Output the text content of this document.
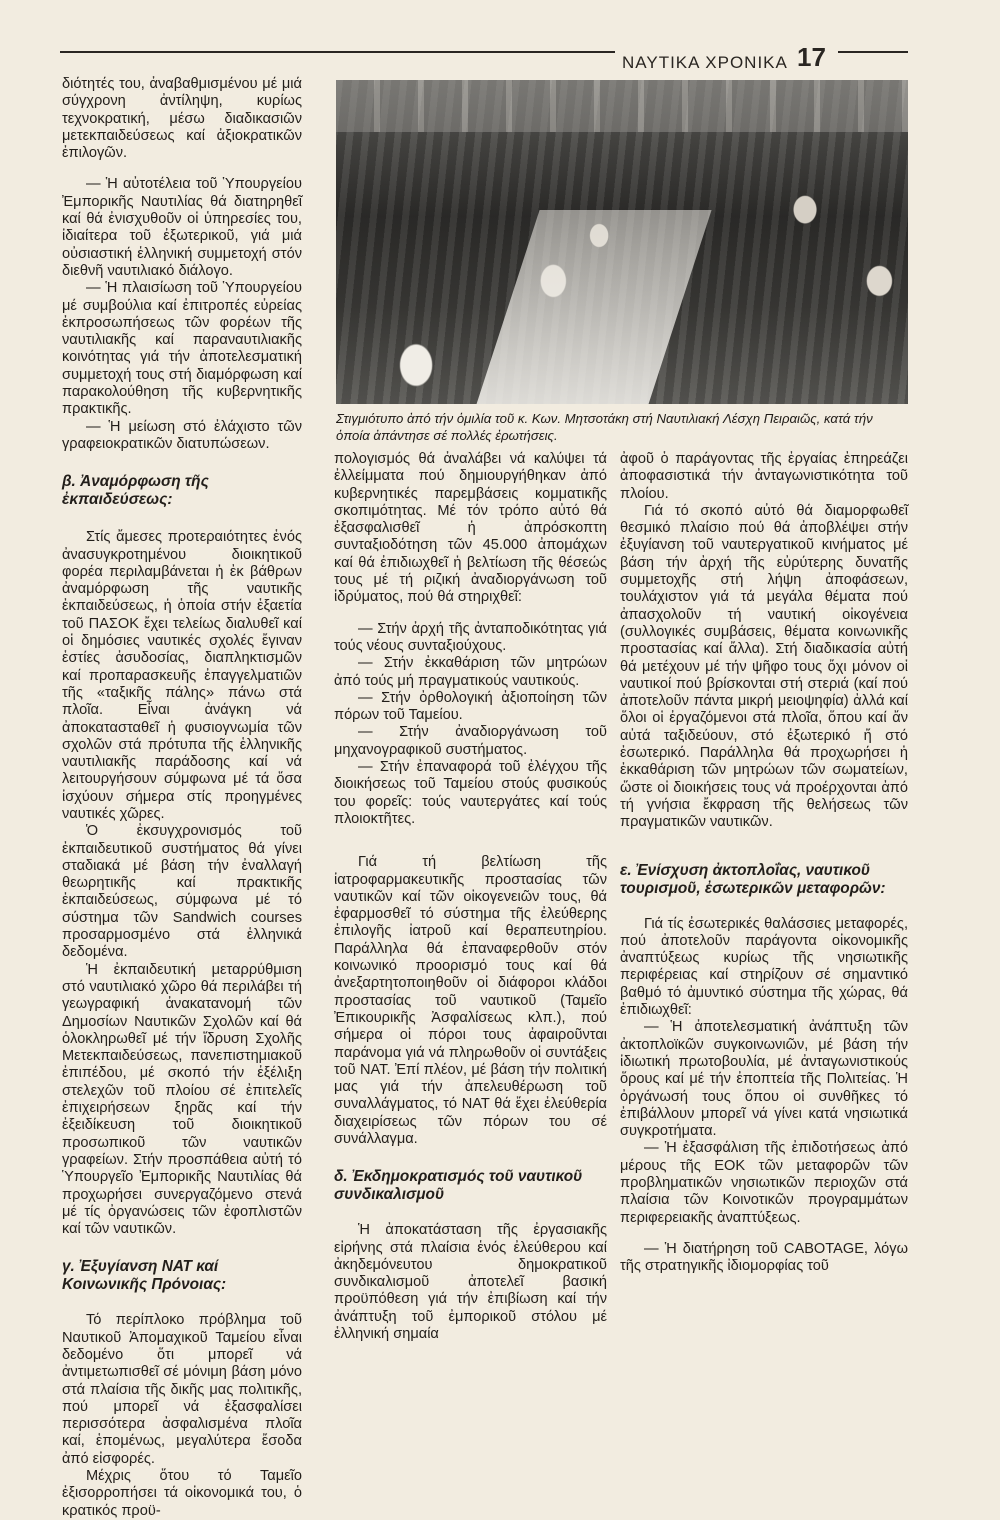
ΝΑΥΤΙΚΑ ΧΡΟΝΙΚΑ 17

διότητές του, ἀναβαθμισμένου μέ μιά σύγχρονη ἀντίληψη, κυρίως τεχνοκρατική, μέσω διαδικασιῶν μετεκπαιδεύσεως καί ἀξιοκρατικῶν ἐπιλογῶν.

— Ἡ αὐτοτέλεια τοῦ Ὑπουργείου Ἐμπορικῆς Ναυτιλίας θά διατηρηθεῖ καί θά ἐνισχυθοῦν οἱ ὑπηρεσίες του, ἰδιαίτερα τοῦ ἐξωτερικοῦ, γιά μιά οὐσιαστική ἑλληνική συμμετοχή στόν διεθνῆ ναυτιλιακό διάλογο.

— Ἡ πλαισίωση τοῦ Ὑπουργείου μέ συμβούλια καί ἐπιτροπές εὐρείας ἐκπροσωπήσεως τῶν φορέων τῆς ναυτιλιακῆς καί παραναυτιλιακῆς κοινότητας γιά τήν ἀποτελεσματική συμμετοχή τους στή διαμόρφωση καί παρακολούθηση τῆς κυβερνητικῆς πρακτικῆς.

— Ἡ μείωση στό ἐλάχιστο τῶν γραφειοκρατικῶν διατυπώσεων.

β. Ἀναμόρφωση τῆς ἐκπαιδεύσεως:

Στίς ἄμεσες προτεραιότητες ἑνός ἀνασυγκροτημένου διοικητικοῦ φορέα περιλαμβάνεται ἡ ἐκ βάθρων ἀναμόρφωση τῆς ναυτικῆς ἐκπαιδεύσεως, ἡ ὁποία στήν ἑξαετία τοῦ ΠΑΣΟΚ ἔχει τελείως διαλυθεῖ καί οἱ δημόσιες ναυτικές σχολές ἔγιναν ἑστίες ἀσυδοσίας, διαπληκτισμῶν καί προπαρασκευῆς ἐπαγγελματιῶν τῆς «ταξικῆς πάλης» πάνω στά πλοῖα. Εἶναι ἀνάγκη νά ἀποκατασταθεῖ ἡ φυσιογνωμία τῶν σχολῶν στά πρότυπα τῆς ἑλληνικῆς ναυτιλιακῆς παράδοσης καί νά λειτουργήσουν σύμφωνα μέ τά ὅσα ἰσχύουν σήμερα στίς προηγμένες ναυτικές χῶρες.

Ὁ ἐκσυγχρονισμός τοῦ ἐκπαιδευτικοῦ συστήματος θά γίνει σταδιακά μέ βάση τήν ἐναλλαγή θεωρητικῆς καί πρακτικῆς ἐκπαιδεύσεως, σύμφωνα μέ τό σύστημα τῶν Sandwich courses προσαρμοσμένο στά ἑλληνικά δεδομένα.

Ἡ ἐκπαιδευτική μεταρρύθμιση στό ναυτιλιακό χῶρο θά περιλάβει τή γεωγραφική ἀνακατανομή τῶν Δημοσίων Ναυτικῶν Σχολῶν καί θά ὁλοκληρωθεῖ μέ τήν ἵδρυση Σχολῆς Μετεκπαιδεύσεως, πανεπιστημιακοῦ ἐπιπέδου, μέ σκοπό τήν ἐξέλιξη στελεχῶν τοῦ πλοίου σέ ἐπιτελεῖς ἐπιχειρήσεων ξηρᾶς καί τήν ἐξειδίκευση τοῦ διοικητικοῦ προσωπικοῦ τῶν ναυτικῶν γραφείων. Στήν προσπάθεια αὐτή τό Ὑπουργεῖο Ἐμπορικῆς Ναυτιλίας θά προχωρήσει συνεργαζόμενο στενά μέ τίς ὀργανώσεις τῶν ἐφοπλιστῶν καί τῶν ναυτικῶν.

γ. Ἐξυγίανση ΝΑΤ καί Κοινωνικῆς Πρόνοιας:

Τό περίπλοκο πρόβλημα τοῦ Ναυτικοῦ Ἀπομαχικοῦ Ταμείου εἶναι δεδομένο ὅτι μπορεῖ νά ἀντιμετωπισθεῖ σέ μόνιμη βάση μόνο στά πλαίσια τῆς δικῆς μας πολιτικῆς, πού μπορεῖ νά ἐξασφαλίσει περισσότερα ἀσφαλισμένα πλοῖα καί, ἑπομένως, μεγαλύτερα ἔσοδα ἀπό εἰσφορές.

Μέχρις ὅτου τό Ταμεῖο ἐξισορροπήσει τά οἰκονομικά του, ὁ κρατικός προϋ-

Στιγμιότυπο ἀπό τήν ὁμιλία τοῦ κ. Κων. Μητσοτάκη στή Ναυτιλιακή Λέσχη Πειραιῶς, κατά τήν ὁποία ἀπάντησε σέ πολλές ἐρωτήσεις.

πολογισμός θά ἀναλάβει νά καλύψει τά ἐλλείμματα πού δημιουργήθηκαν ἀπό κυβερνητικές παρεμβάσεις κομματικῆς σκοπιμότητας. Μέ τόν τρόπο αὐτό θά ἐξασφαλισθεῖ ἡ ἀπρόσκοπτη συνταξιοδότηση τῶν 45.000 ἀπομάχων καί θά ἐπιδιωχθεῖ ἡ βελτίωση τῆς θέσεώς τους μέ τή ριζική ἀναδιοργάνωση τοῦ ἱδρύματος, πού θά στηριχθεῖ:

— Στήν ἀρχή τῆς ἀνταποδικότητας γιά τούς νέους συνταξιούχους.

— Στήν ἐκκαθάριση τῶν μητρώων ἀπό τούς μή πραγματικούς ναυτικούς.

— Στήν ὀρθολογική ἀξιοποίηση τῶν πόρων τοῦ Ταμείου.

— Στήν ἀναδιοργάνωση τοῦ μηχανογραφικοῦ συστήματος.

— Στήν ἐπαναφορά τοῦ ἐλέγχου τῆς διοικήσεως τοῦ Ταμείου στούς φυσικούς του φορεῖς: τούς ναυτεργάτες καί τούς πλοιοκτῆτες.

Γιά τή βελτίωση τῆς ἰατροφαρμακευτικῆς προστασίας τῶν ναυτικῶν καί τῶν οἰκογενειῶν τους, θά ἐφαρμοσθεῖ τό σύστημα τῆς ἐλεύθερης ἐπιλογῆς ἰατροῦ καί θεραπευτηρίου. Παράλληλα θά ἐπαναφερθοῦν στόν κοινωνικό προορισμό τους καί θά ἀνεξαρτητοποιηθοῦν οἱ διάφοροι κλάδοι προστασίας τοῦ ναυτικοῦ (Ταμεῖο Ἐπικουρικῆς Ἀσφαλίσεως κλπ.), πού σήμερα οἱ πόροι τους ἀφαιροῦνται παράνομα γιά νά πληρωθοῦν οἱ συντάξεις τοῦ ΝΑΤ. Ἐπί πλέον, μέ βάση τήν πολιτική μας γιά τήν ἀπελευθέρωση τοῦ συναλλάγματος, τό ΝΑΤ θά ἔχει ἐλεύθερία διαχειρίσεως τῶν πόρων του σέ συνάλλαγμα.

δ. Ἐκδημοκρατισμός τοῦ ναυτικοῦ συνδικαλισμοῦ

Ἡ ἀποκατάσταση τῆς ἐργασιακῆς εἰρήνης στά πλαίσια ἑνός ἐλεύθερου καί ἀκηδεμόνευτου δημοκρατικοῦ συνδικαλισμοῦ ἀποτελεῖ βασική προϋπόθεση γιά τήν ἐπιβίωση καί τήν ἀνάπτυξη τοῦ ἐμπορικοῦ στόλου μέ ἑλληνική σημαία

ἀφοῦ ὁ παράγοντας τῆς ἐργαίας ἐπηρεάζει ἀποφασιστικά τήν ἀνταγωνιστικότητα τοῦ πλοίου.

Γιά τό σκοπό αὐτό θά διαμορφωθεῖ θεσμικό πλαίσιο πού θά ἀποβλέψει στήν ἐξυγίανση τοῦ ναυτεργατικοῦ κινήματος μέ βάση τήν ἀρχή τῆς εὐρύτερης δυνατῆς συμμετοχῆς στή λήψη ἀποφάσεων, τουλάχιστον γιά τά μεγάλα θέματα πού ἀπασχολοῦν τή ναυτική οἰκογένεια (συλλογικές συμβάσεις, θέματα κοινωνικῆς προστασίας καί ἄλλα). Στή διαδικασία αὐτή θά μετέχουν μέ τήν ψῆφο τους ὄχι μόνον οἱ ναυτικοί πού βρίσκονται στή στεριά (καί πού ἀποτελοῦν πάντα μικρή μειοψηφία) ἀλλά καί ὅλοι οἱ ἐργαζόμενοι στά πλοῖα, ὅπου καί ἄν αὐτά ταξιδεύουν, στό ἐξωτερικό ἤ στό ἐσωτερικό. Παράλληλα θά προχωρήσει ἡ ἐκκαθάριση τῶν μητρώων τῶν σωματείων, ὥστε οἱ διοικήσεις τους νά προέρχονται ἀπό τή γνήσια ἔκφραση τῆς θελήσεως τῶν πραγματικῶν ναυτικῶν.

ε. Ἐνίσχυση ἀκτοπλοΐας, ναυτικοῦ τουρισμοῦ, ἐσωτερικῶν μεταφορῶν:

Γιά τίς ἐσωτερικές θαλάσσιες μεταφορές, πού ἀποτελοῦν παράγοντα οἰκονομικῆς ἀναπτύξεως κυρίως τῆς νησιωτικῆς περιφέρειας καί στηρίζουν σέ σημαντικό βαθμό τό ἀμυντικό σύστημα τῆς χώρας, θά ἐπιδιωχθεῖ:

— Ἡ ἀποτελεσματική ἀνάπτυξη τῶν ἀκτοπλοϊκῶν συγκοινωνιῶν, μέ βάση τήν ἰδιωτική πρωτοβουλία, μέ ἀνταγωνιστικούς ὅρους καί μέ τήν ἐποπτεία τῆς Πολιτείας. Ἡ ὀργάνωσή τους ὅπου οἱ συνθῆκες τό ἐπιβάλλουν μπορεῖ νά γίνει κατά νησιωτικά συγκροτήματα.

— Ἡ ἐξασφάλιση τῆς ἐπιδοτήσεως ἀπό μέρους τῆς ΕΟΚ τῶν μεταφορῶν τῶν προβληματικῶν νησιωτικῶν περιοχῶν στά πλαίσια τῶν Κοινοτικῶν προγραμμάτων περιφερειακῆς ἀναπτύξεως.

— Ἡ διατήρηση τοῦ CABOTAGE, λόγω τῆς στρατηγικῆς ἰδιομορφίας τοῦ
